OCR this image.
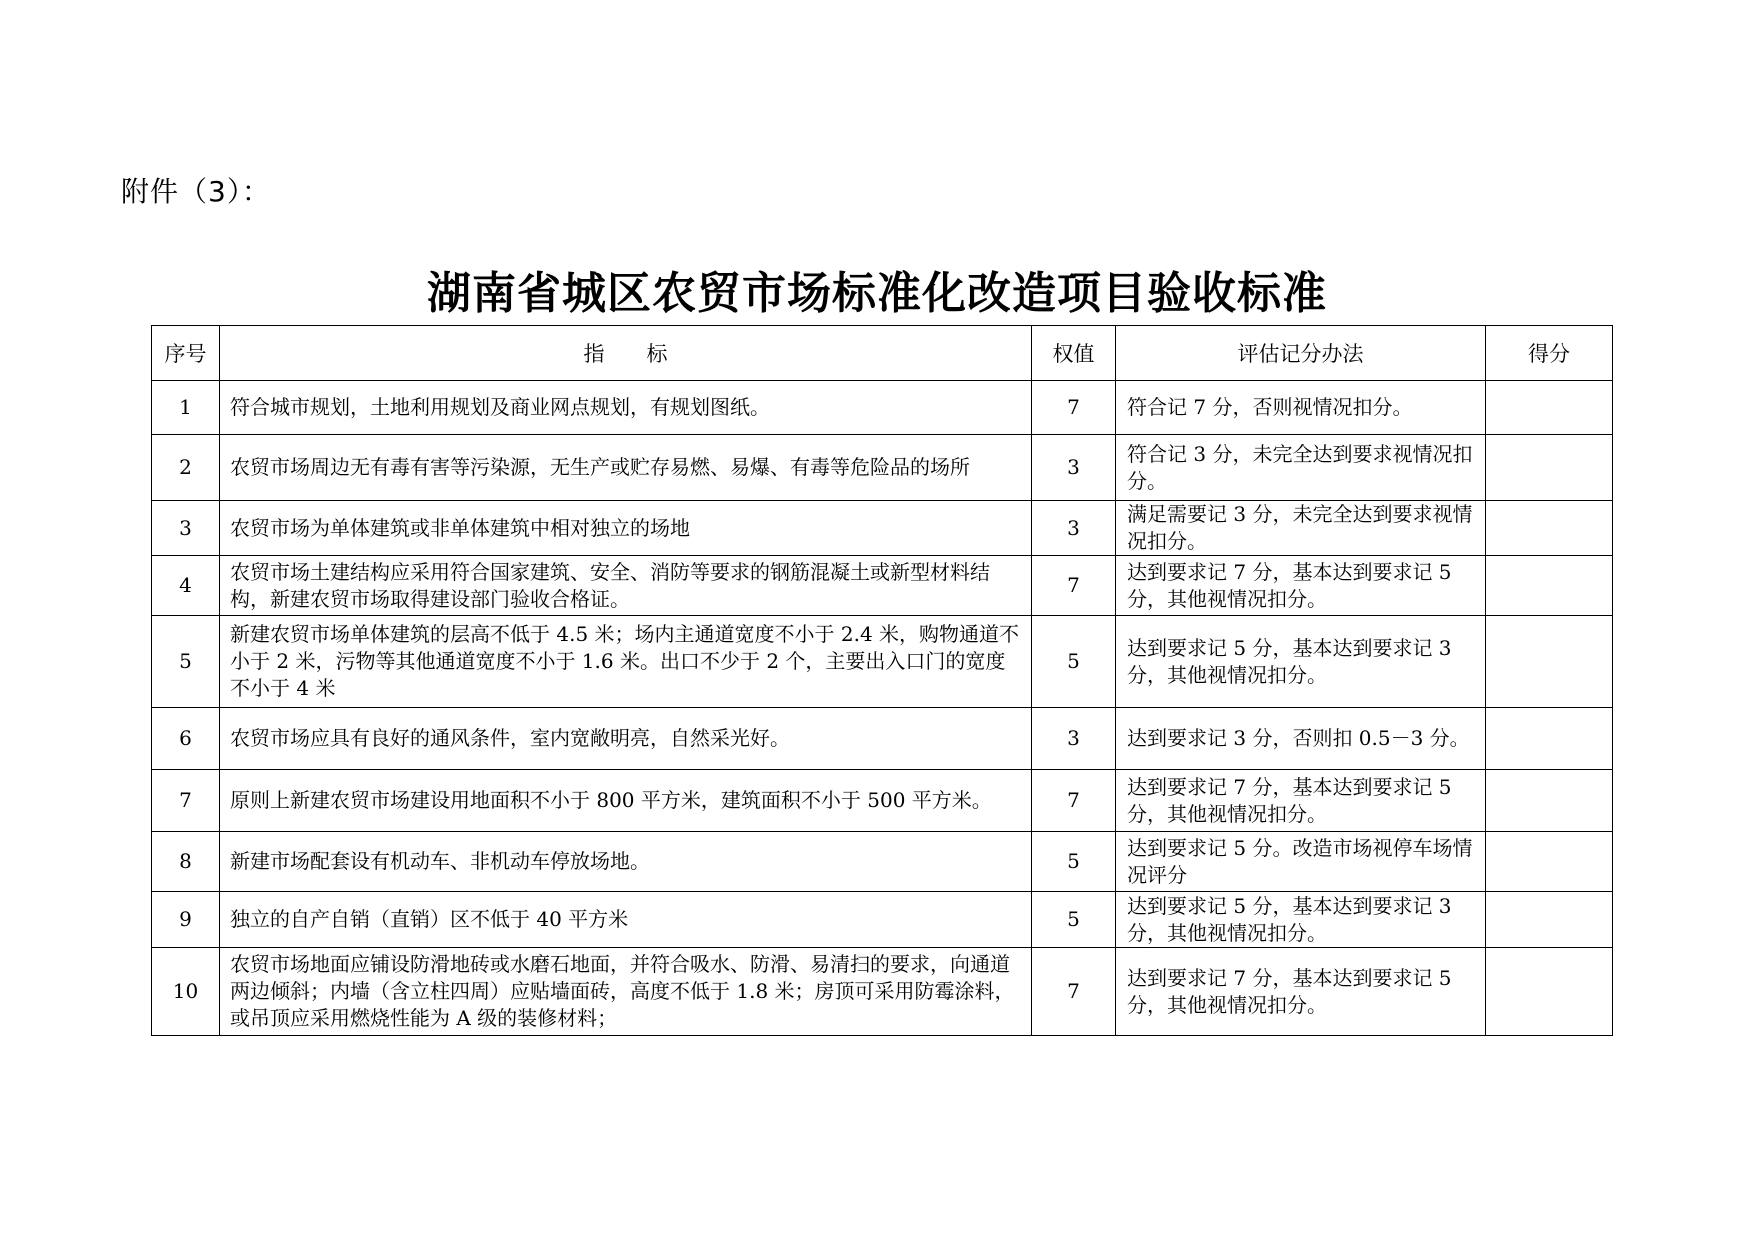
附件（3）：
湖南省城区农贸市场标准化改造项目验收标准
序号	指　　标	权值	评估记分办法	得分
1	符合城市规划，土地利用规划及商业网点规划，有规划图纸。	7	符合记 7 分，否则视情况扣分。	
2	农贸市场周边无有毒有害等污染源，无生产或贮存易燃、易爆、有毒等危险品的场所	3	符合记 3 分，未完全达到要求视情况扣分。	
3	农贸市场为单体建筑或非单体建筑中相对独立的场地	3	满足需要记 3 分，未完全达到要求视情况扣分。	
4	农贸市场土建结构应采用符合国家建筑、安全、消防等要求的钢筋混凝土或新型材料结构，新建农贸市场取得建设部门验收合格证。	7	达到要求记 7 分，基本达到要求记 5 分，其他视情况扣分。	
5	新建农贸市场单体建筑的层高不低于 4.5 米；场内主通道宽度不小于 2.4 米，购物通道不小于 2 米，污物等其他通道宽度不小于 1.6 米。出口不少于 2 个，主要出入口门的宽度不小于 4 米	5	达到要求记 5 分，基本达到要求记 3 分，其他视情况扣分。	
6	农贸市场应具有良好的通风条件，室内宽敞明亮，自然采光好。	3	达到要求记 3 分，否则扣 0.5－3 分。	
7	原则上新建农贸市场建设用地面积不小于 800 平方米，建筑面积不小于 500 平方米。	7	达到要求记 7 分，基本达到要求记 5 分，其他视情况扣分。	
8	新建市场配套设有机动车、非机动车停放场地。	5	达到要求记 5 分。改造市场视停车场情况评分	
9	独立的自产自销（直销）区不低于 40 平方米	5	达到要求记 5 分，基本达到要求记 3 分，其他视情况扣分。	
10	农贸市场地面应铺设防滑地砖或水磨石地面，并符合吸水、防滑、易清扫的要求，向通道两边倾斜；内墙（含立柱四周）应贴墙面砖，高度不低于 1.8 米；房顶可采用防霉涂料，或吊顶应采用燃烧性能为 A 级的装修材料；	7	达到要求记 7 分，基本达到要求记 5 分，其他视情况扣分。	
